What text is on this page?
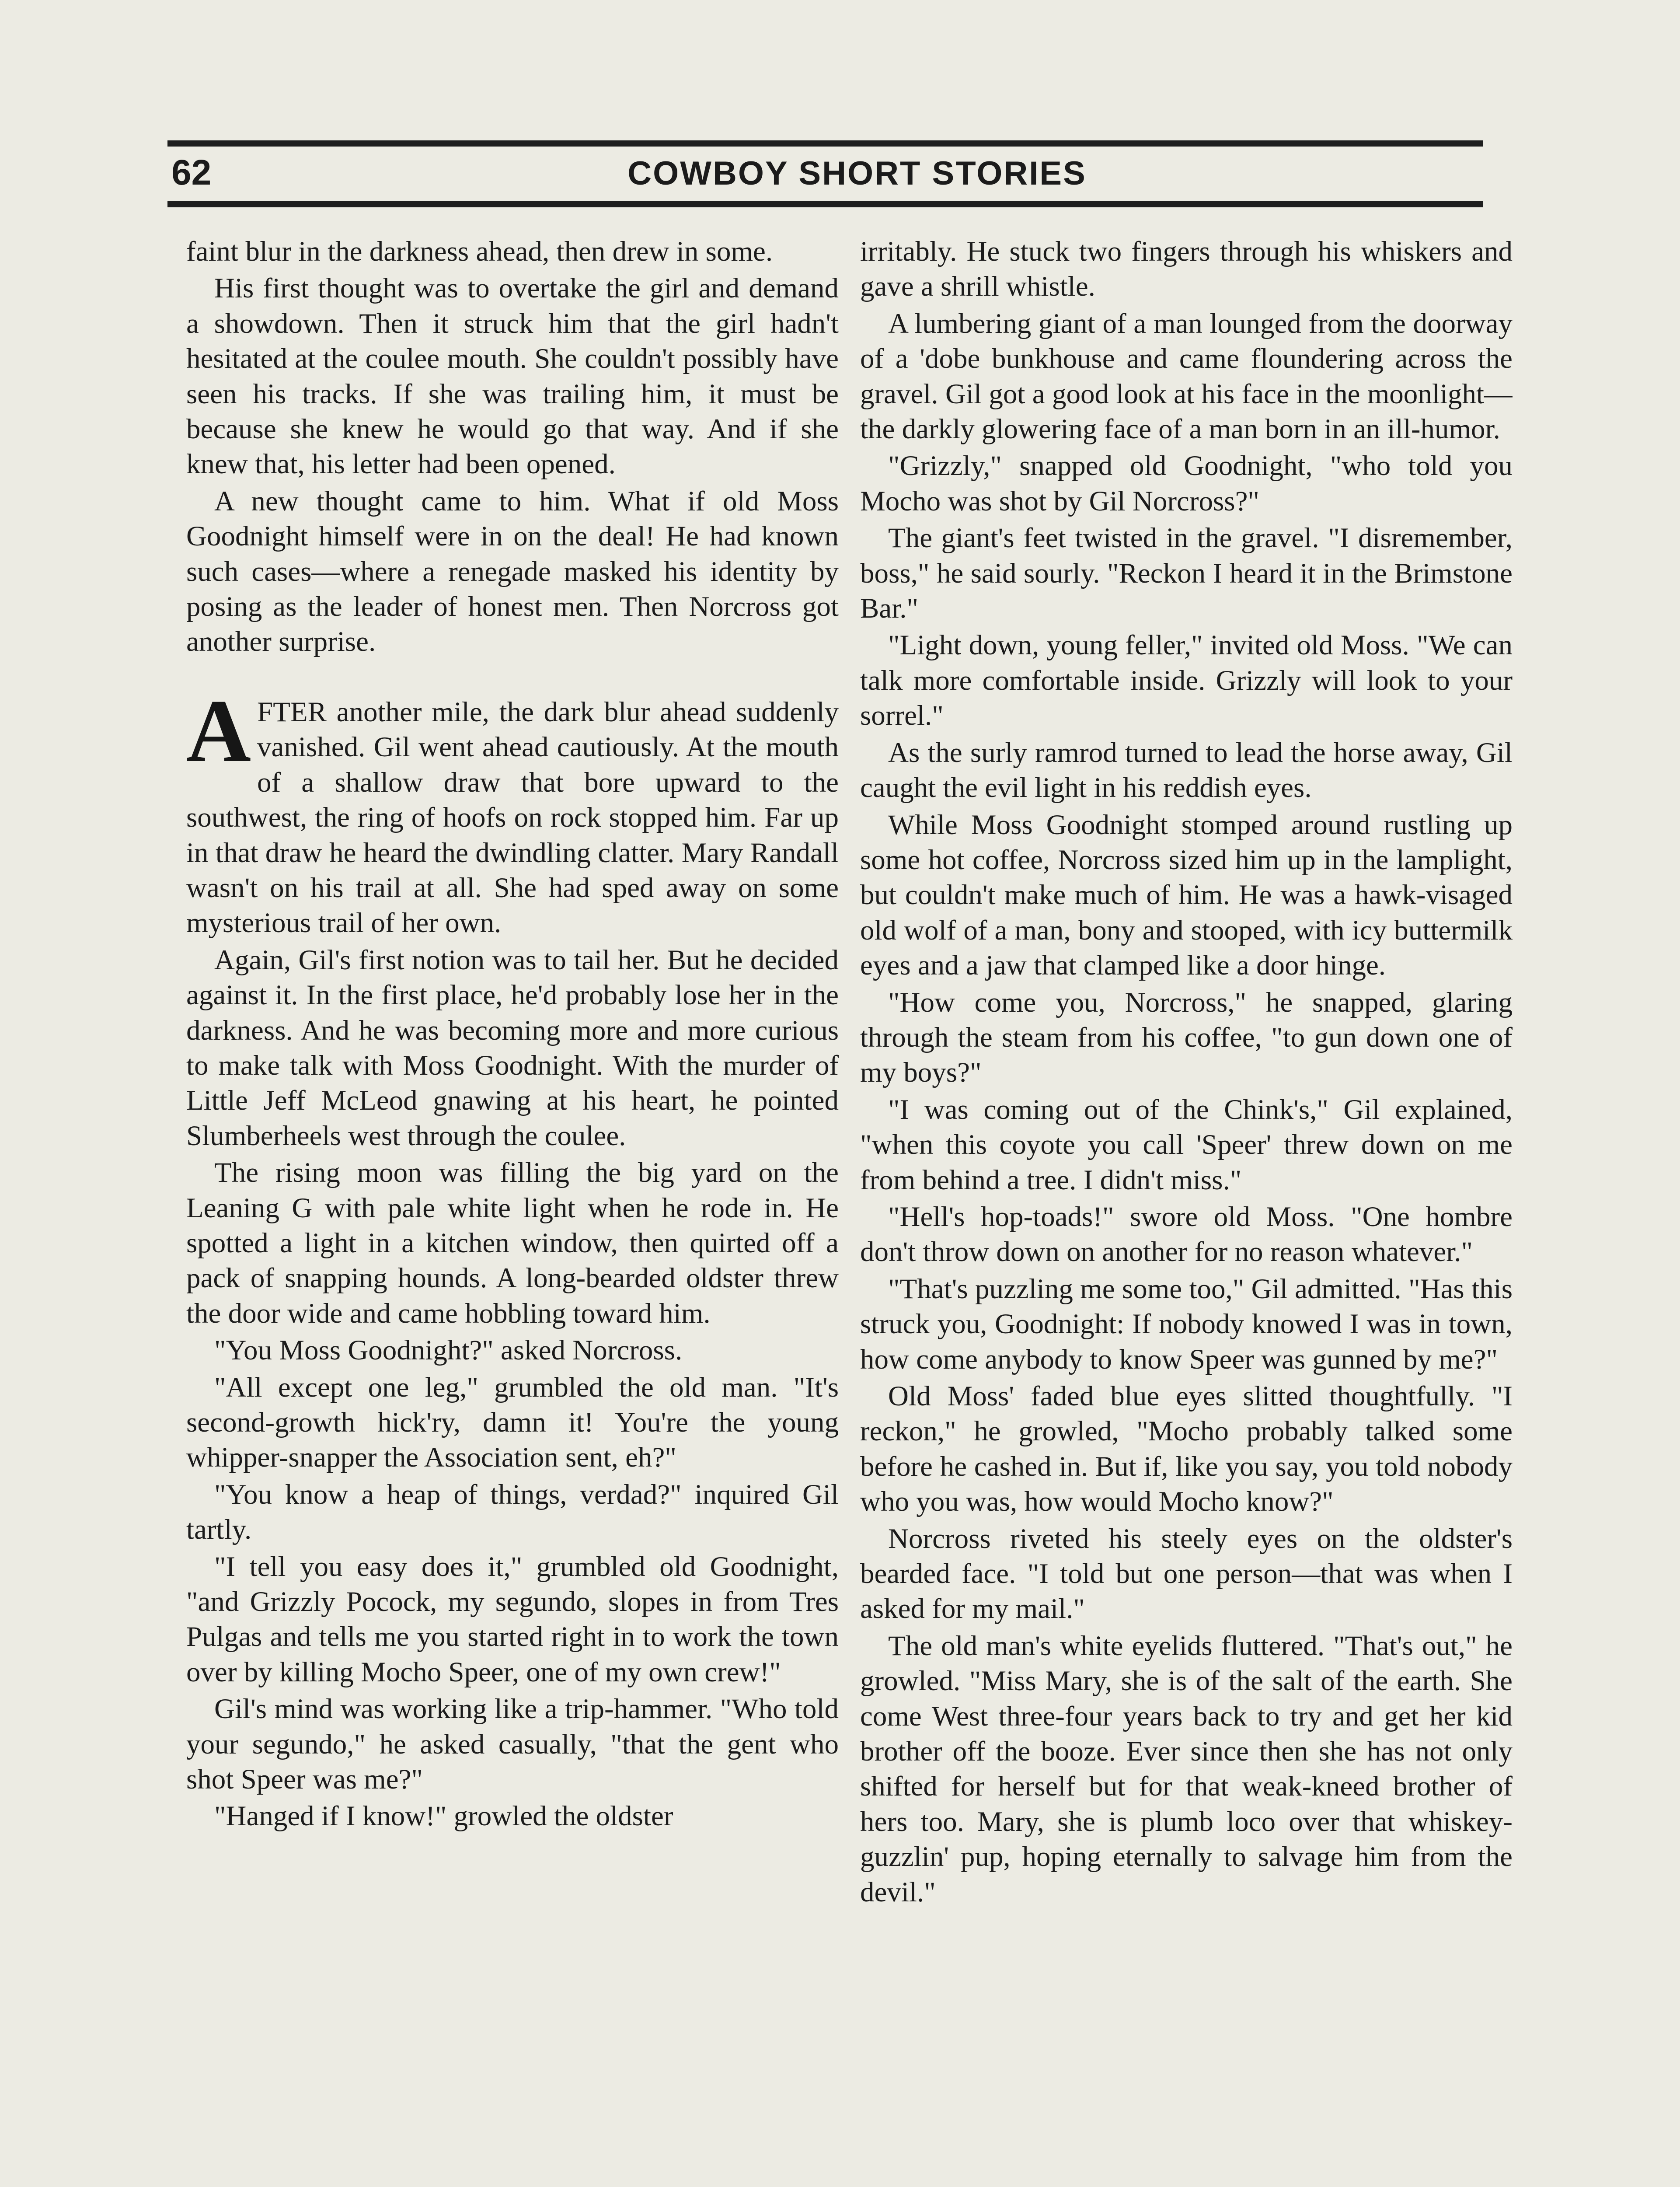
62	COWBOY SHORT STORIES

faint blur in the darkness ahead, then drew in some.

His first thought was to overtake the girl and demand a showdown. Then it struck him that the girl hadn't hesitated at the coulee mouth. She couldn't possibly have seen his tracks. If she was trailing him, it must be because she knew he would go that way. And if she knew that, his letter had been opened.

A new thought came to him. What if old Moss Goodnight himself were in on the deal! He had known such cases—where a renegade masked his identity by posing as the leader of honest men. Then Norcross got another surprise.

AFTER another mile, the dark blur ahead suddenly vanished. Gil went ahead cautiously. At the mouth of a shallow draw that bore upward to the southwest, the ring of hoofs on rock stopped him. Far up in that draw he heard the dwindling clatter. Mary Randall wasn't on his trail at all. She had sped away on some mysterious trail of her own.

Again, Gil's first notion was to tail her. But he decided against it. In the first place, he'd probably lose her in the darkness. And he was becoming more and more curious to make talk with Moss Goodnight. With the murder of Little Jeff McLeod gnawing at his heart, he pointed Slumberheels west through the coulee.

The rising moon was filling the big yard on the Leaning G with pale white light when he rode in. He spotted a light in a kitchen window, then quirted off a pack of snapping hounds. A long-bearded oldster threw the door wide and came hobbling toward him.

"You Moss Goodnight?" asked Norcross.

"All except one leg," grumbled the old man. "It's second-growth hick'ry, damn it! You're the young whipper-snapper the Association sent, eh?"

"You know a heap of things, verdad?" inquired Gil tartly.

"I tell you easy does it," grumbled old Goodnight, "and Grizzly Pocock, my segundo, slopes in from Tres Pulgas and tells me you started right in to work the town over by killing Mocho Speer, one of my own crew!"

Gil's mind was working like a trip-hammer. "Who told your segundo," he asked casually, "that the gent who shot Speer was me?"

"Hanged if I know!" growled the oldster

irritably. He stuck two fingers through his whiskers and gave a shrill whistle.

A lumbering giant of a man lounged from the doorway of a 'dobe bunkhouse and came floundering across the gravel. Gil got a good look at his face in the moonlight—the darkly glowering face of a man born in an ill-humor.

"Grizzly," snapped old Goodnight, "who told you Mocho was shot by Gil Norcross?"

The giant's feet twisted in the gravel. "I disremember, boss," he said sourly. "Reckon I heard it in the Brimstone Bar."

"Light down, young feller," invited old Moss. "We can talk more comfortable inside. Grizzly will look to your sorrel."

As the surly ramrod turned to lead the horse away, Gil caught the evil light in his reddish eyes.

While Moss Goodnight stomped around rustling up some hot coffee, Norcross sized him up in the lamplight, but couldn't make much of him. He was a hawk-visaged old wolf of a man, bony and stooped, with icy buttermilk eyes and a jaw that clamped like a door hinge.

"How come you, Norcross," he snapped, glaring through the steam from his coffee, "to gun down one of my boys?"

"I was coming out of the Chink's," Gil explained, "when this coyote you call 'Speer' threw down on me from behind a tree. I didn't miss."

"Hell's hop-toads!" swore old Moss. "One hombre don't throw down on another for no reason whatever."

"That's puzzling me some too," Gil admitted. "Has this struck you, Goodnight: If nobody knowed I was in town, how come anybody to know Speer was gunned by me?"

Old Moss' faded blue eyes slitted thoughtfully. "I reckon," he growled, "Mocho probably talked some before he cashed in. But if, like you say, you told nobody who you was, how would Mocho know?"

Norcross riveted his steely eyes on the oldster's bearded face. "I told but one person—that was when I asked for my mail."

The old man's white eyelids fluttered. "That's out," he growled. "Miss Mary, she is of the salt of the earth. She come West three-four years back to try and get her kid brother off the booze. Ever since then she has not only shifted for herself but for that weak-kneed brother of hers too. Mary, she is plumb loco over that whiskey-guzzlin' pup, hoping eternally to salvage him from the devil."
